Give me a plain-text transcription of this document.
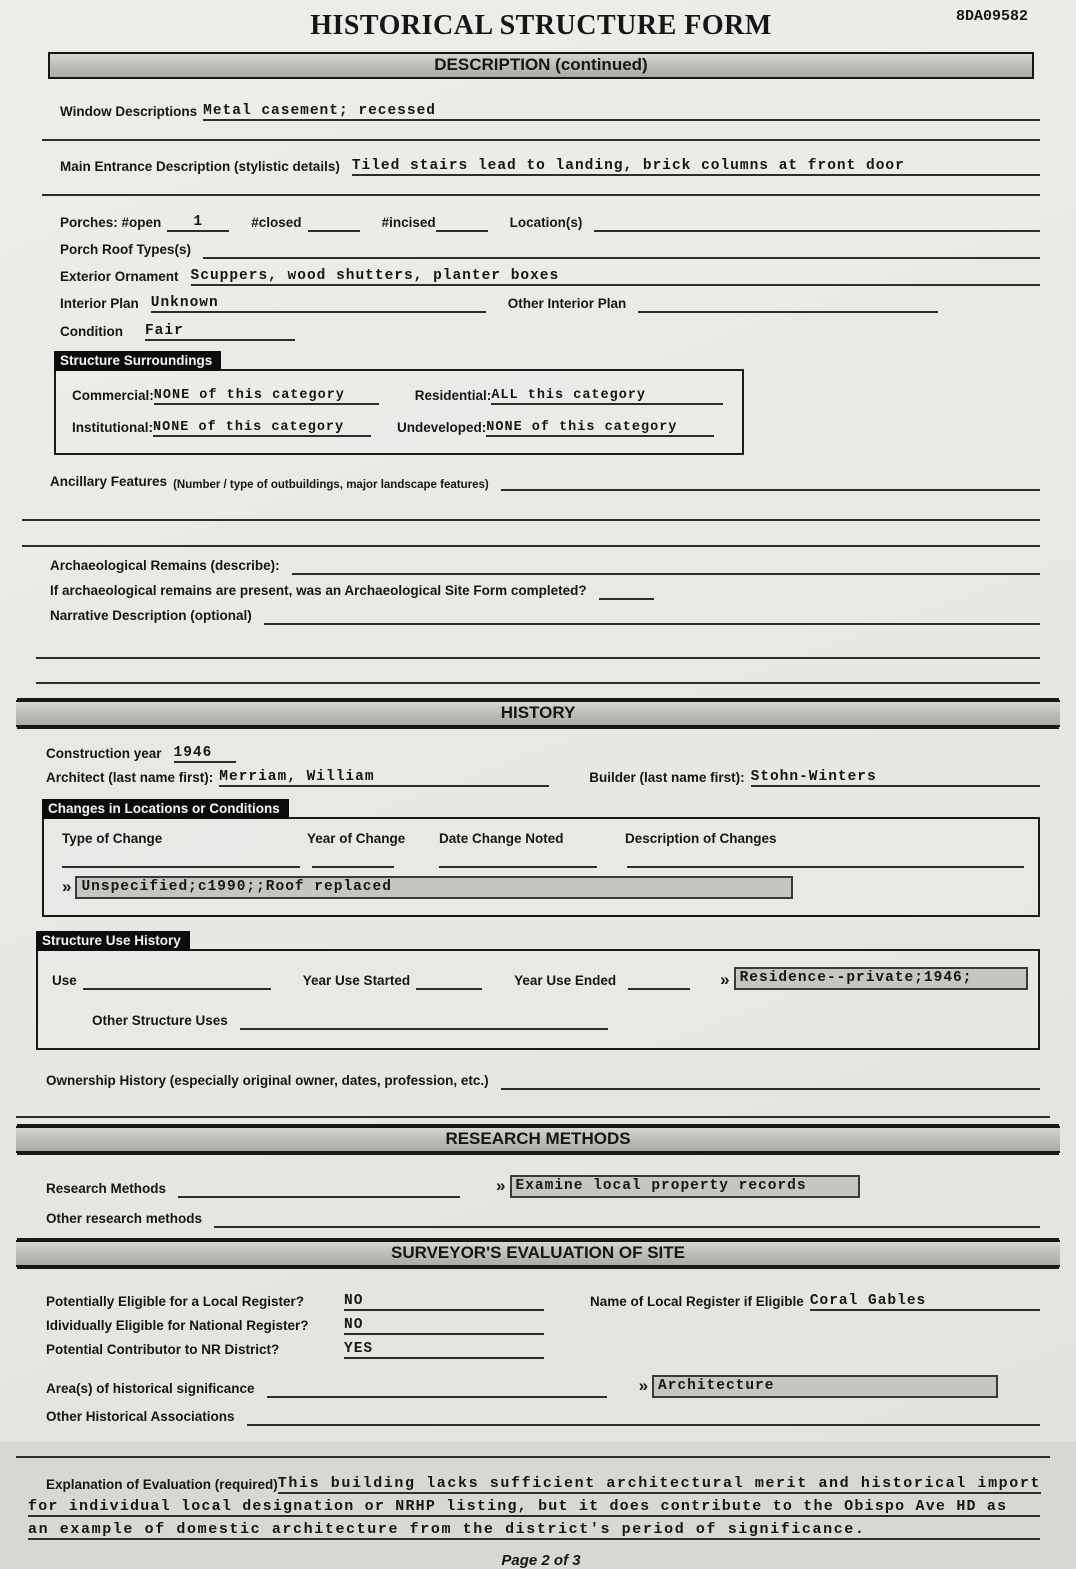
HISTORICAL STRUCTURE FORM	8DA09582
DESCRIPTION (continued)
Window Descriptions Metal casement; recessed
Main Entrance Description (stylistic details) Tiled stairs lead to landing, brick columns at front door
Porches: #open 1	#closed	#incised	Location(s)
Porch Roof Types(s)
Exterior Ornament Scuppers, wood shutters, planter boxes
Interior Plan Unknown	Other Interior Plan
Condition Fair
Structure Surroundings
Commercial: NONE of this category	Residential: ALL this category
Institutional: NONE of this category	Undeveloped: NONE of this category
Ancillary Features (Number / type of outbuildings, major landscape features)
Archaeological Remains (describe):
If archaeological remains are present, was an Archaeological Site Form completed?
Narrative Description (optional)
HISTORY
Construction year 1946
Architect (last name first): Merriam, William	Builder (last name first): Stohn-Winters
Changes in Locations or Conditions
Type of Change	Year of Change	Date Change Noted	Description of Changes
» Unspecified;c1990;;Roof replaced
Structure Use History
Use	Year Use Started	Year Use Ended	» Residence--private;1946;
Other Structure Uses
Ownership History (especially original owner, dates, profession, etc.)
RESEARCH METHODS
Research Methods	» Examine local property records
Other research methods
SURVEYOR'S EVALUATION OF SITE
Potentially Eligible for a Local Register?	NO	Name of Local Register if Eligible Coral Gables
Idividually Eligible for National Register?	NO
Potential Contributor to NR District?	YES
Area(s) of historical significance	» Architecture
Other Historical Associations
Explanation of Evaluation (required) This building lacks sufficient architectural merit and historical import
for individual local designation or NRHP listing, but it does contribute to the Obispo Ave HD as
an example of domestic architecture from the district's period of significance.
Page 2 of 3
